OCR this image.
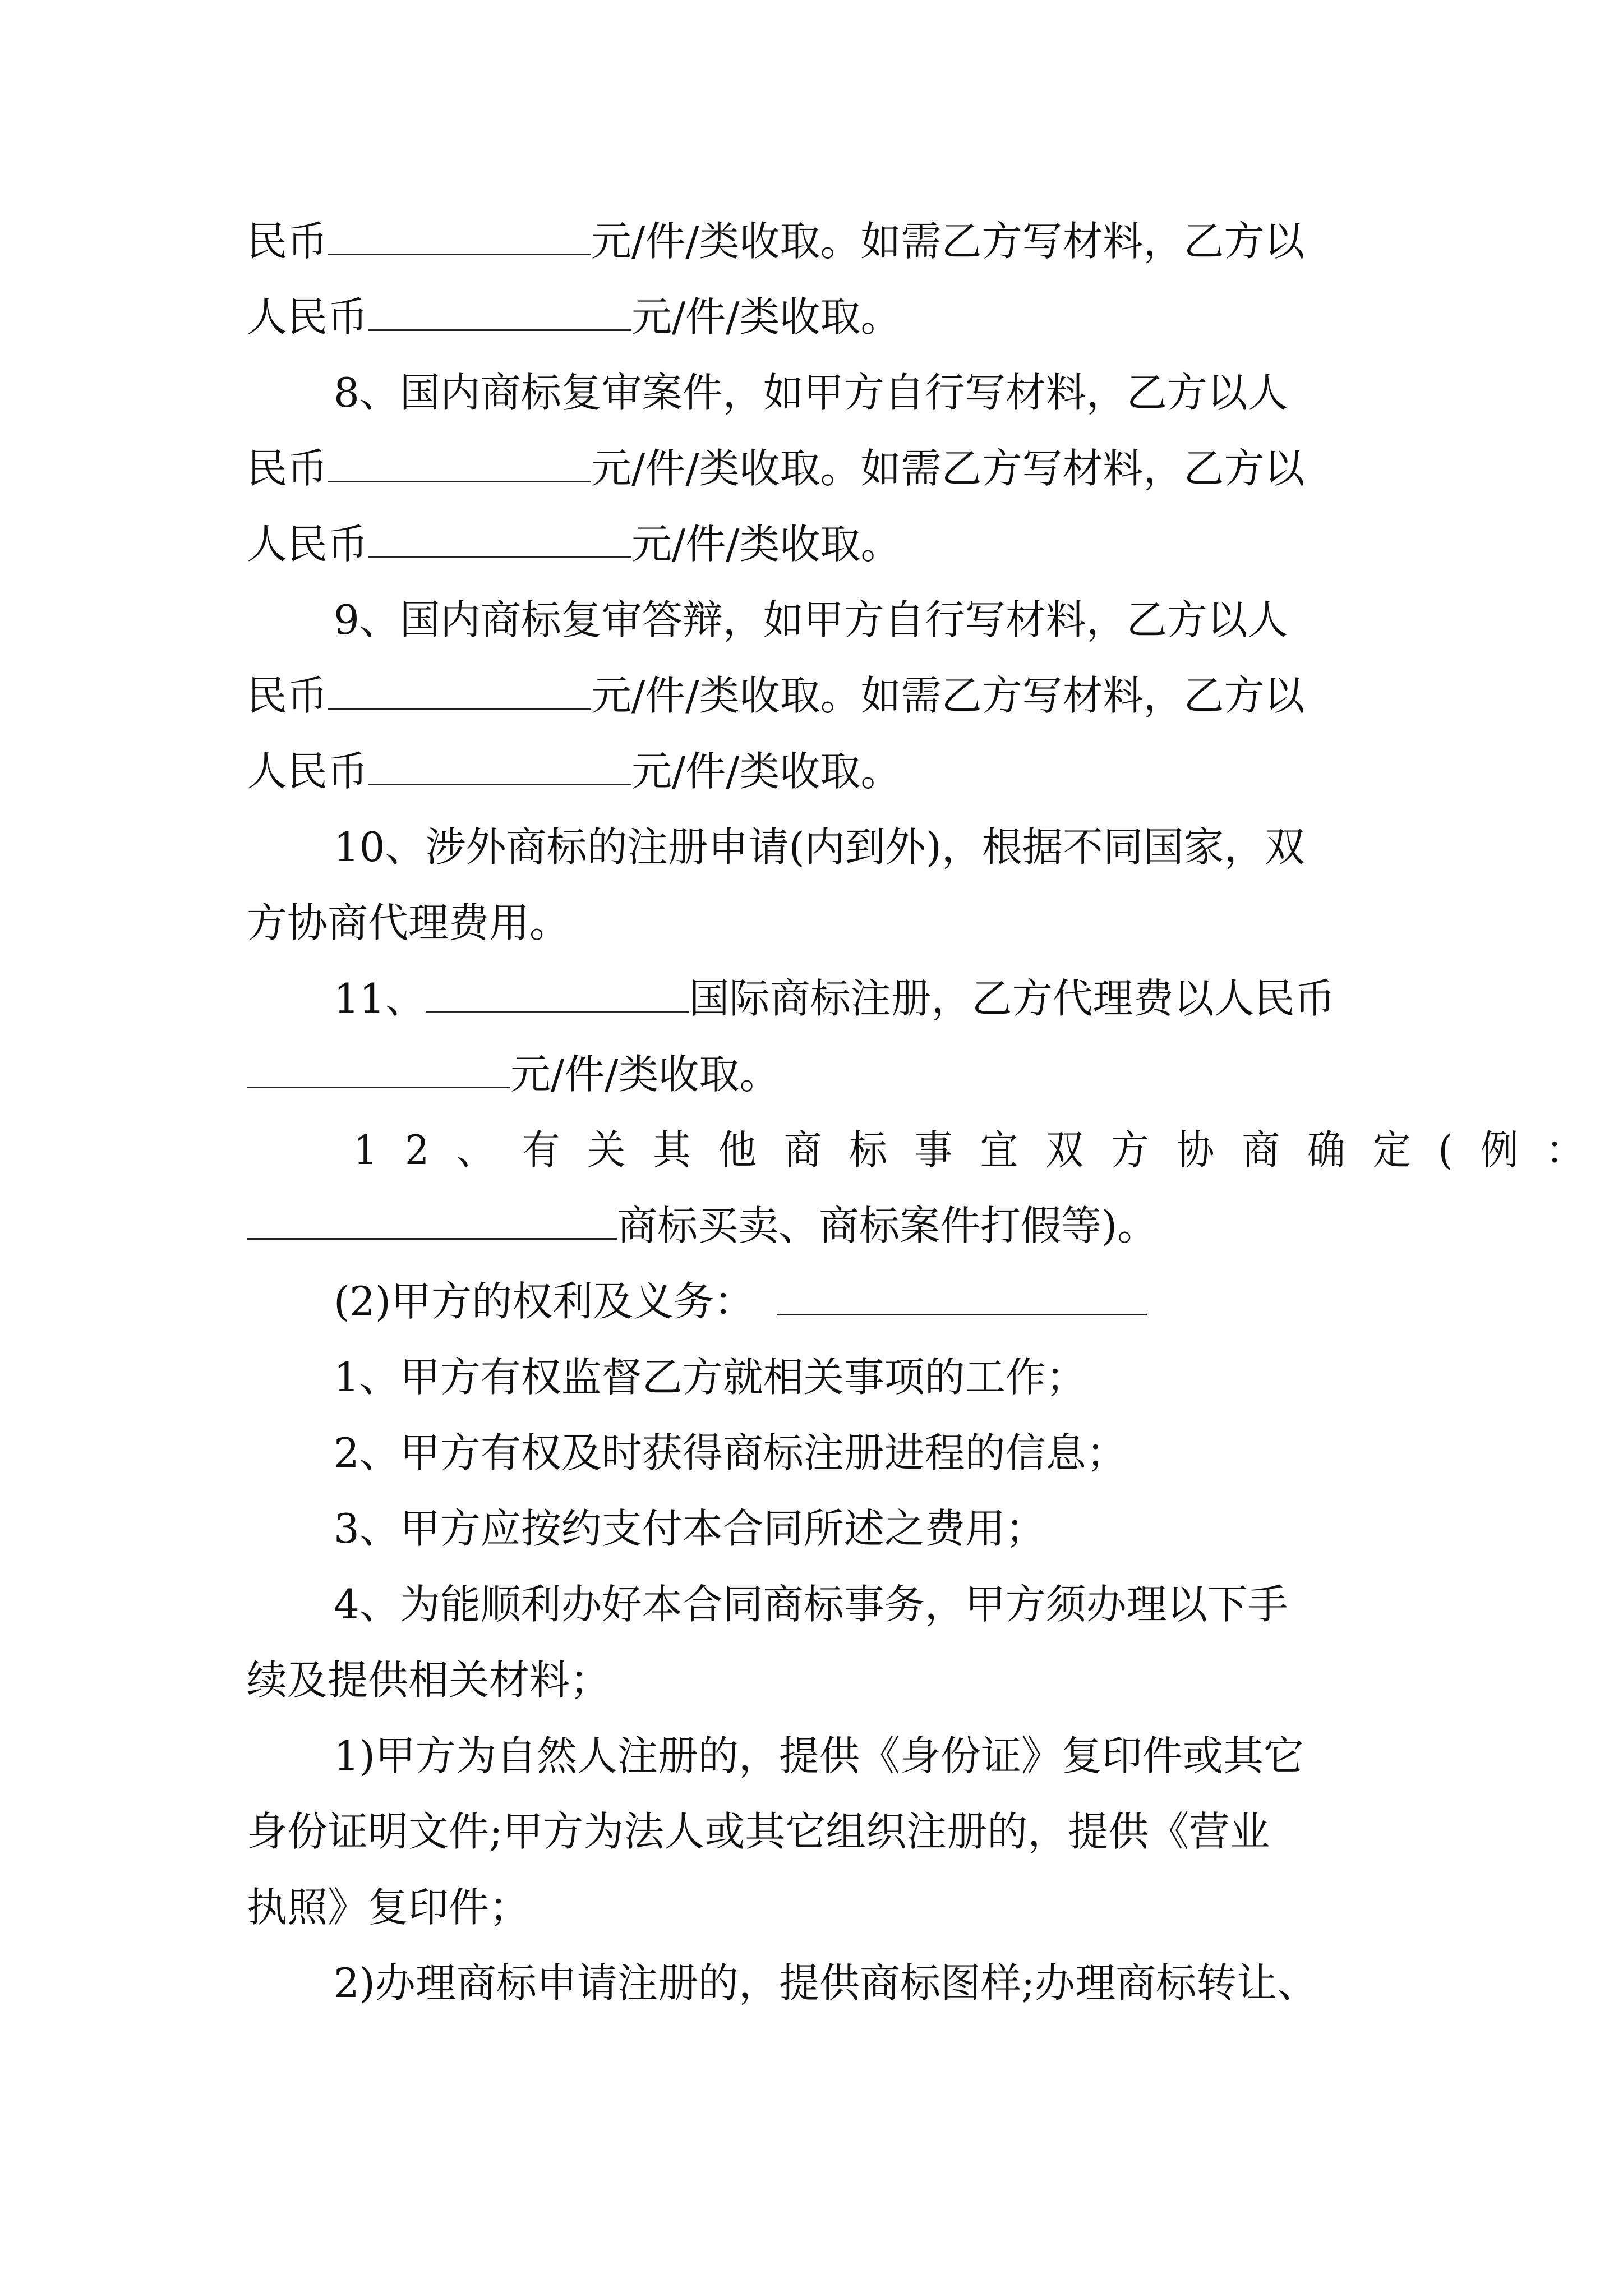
民币	元/件/类收取。如需乙方写材料，乙方以
人民币	元/件/类收取。
8、国内商标复审案件，如甲方自行写材料，乙方以人
民币	元/件/类收取。如需乙方写材料，乙方以
人民币	元/件/类收取。
9、国内商标复审答辩，如甲方自行写材料，乙方以人
民币	元/件/类收取。如需乙方写材料，乙方以
人民币	元/件/类收取。
10、涉外商标的注册申请(内到外)，根据不同国家，双
方协商代理费用。
11、	国际商标注册，乙方代理费以人民币
元/件/类收取。
12、有关其他商标事宜双方协商确定(例：
商标买卖、商标案件打假等)。
(2)甲方的权利及义务：
1、甲方有权监督乙方就相关事项的工作；
2、甲方有权及时获得商标注册进程的信息；
3、甲方应按约支付本合同所述之费用；
4、为能顺利办好本合同商标事务，甲方须办理以下手
续及提供相关材料；
1)甲方为自然人注册的，提供《身份证》复印件或其它
身份证明文件;甲方为法人或其它组织注册的，提供《营业
执照》复印件；
2)办理商标申请注册的，提供商标图样;办理商标转让、
